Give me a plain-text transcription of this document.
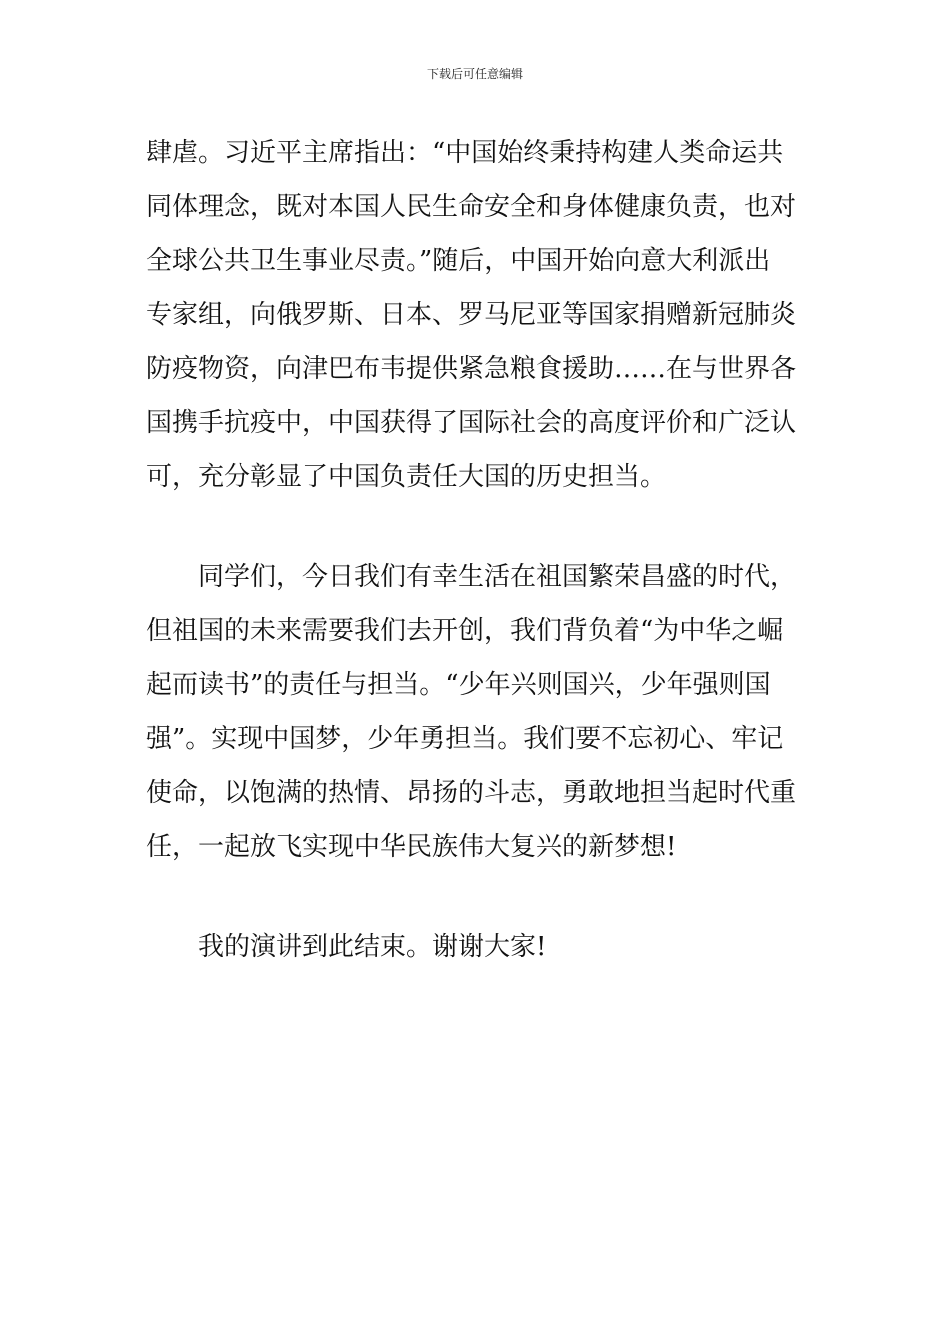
下载后可任意编辑
肆虐。习近平主席指出：“中国始终秉持构建人类命运共
同体理念，既对本国人民生命安全和身体健康负责，也对
全球公共卫生事业尽责。”随后，中国开始向意大利派出
专家组，向俄罗斯、日本、罗马尼亚等国家捐赠新冠肺炎
防疫物资，向津巴布韦提供紧急粮食援助……在与世界各
国携手抗疫中，中国获得了国际社会的高度评价和广泛认
可，充分彰显了中国负责任大国的历史担当。
同学们，今日我们有幸生活在祖国繁荣昌盛的时代，
但祖国的未来需要我们去开创，我们背负着“为中华之崛
起而读书”的责任与担当。“少年兴则国兴，少年强则国
强”。实现中国梦，少年勇担当。我们要不忘初心、牢记
使命，以饱满的热情、昂扬的斗志，勇敢地担当起时代重
任，一起放飞实现中华民族伟大复兴的新梦想!
我的演讲到此结束。谢谢大家!
